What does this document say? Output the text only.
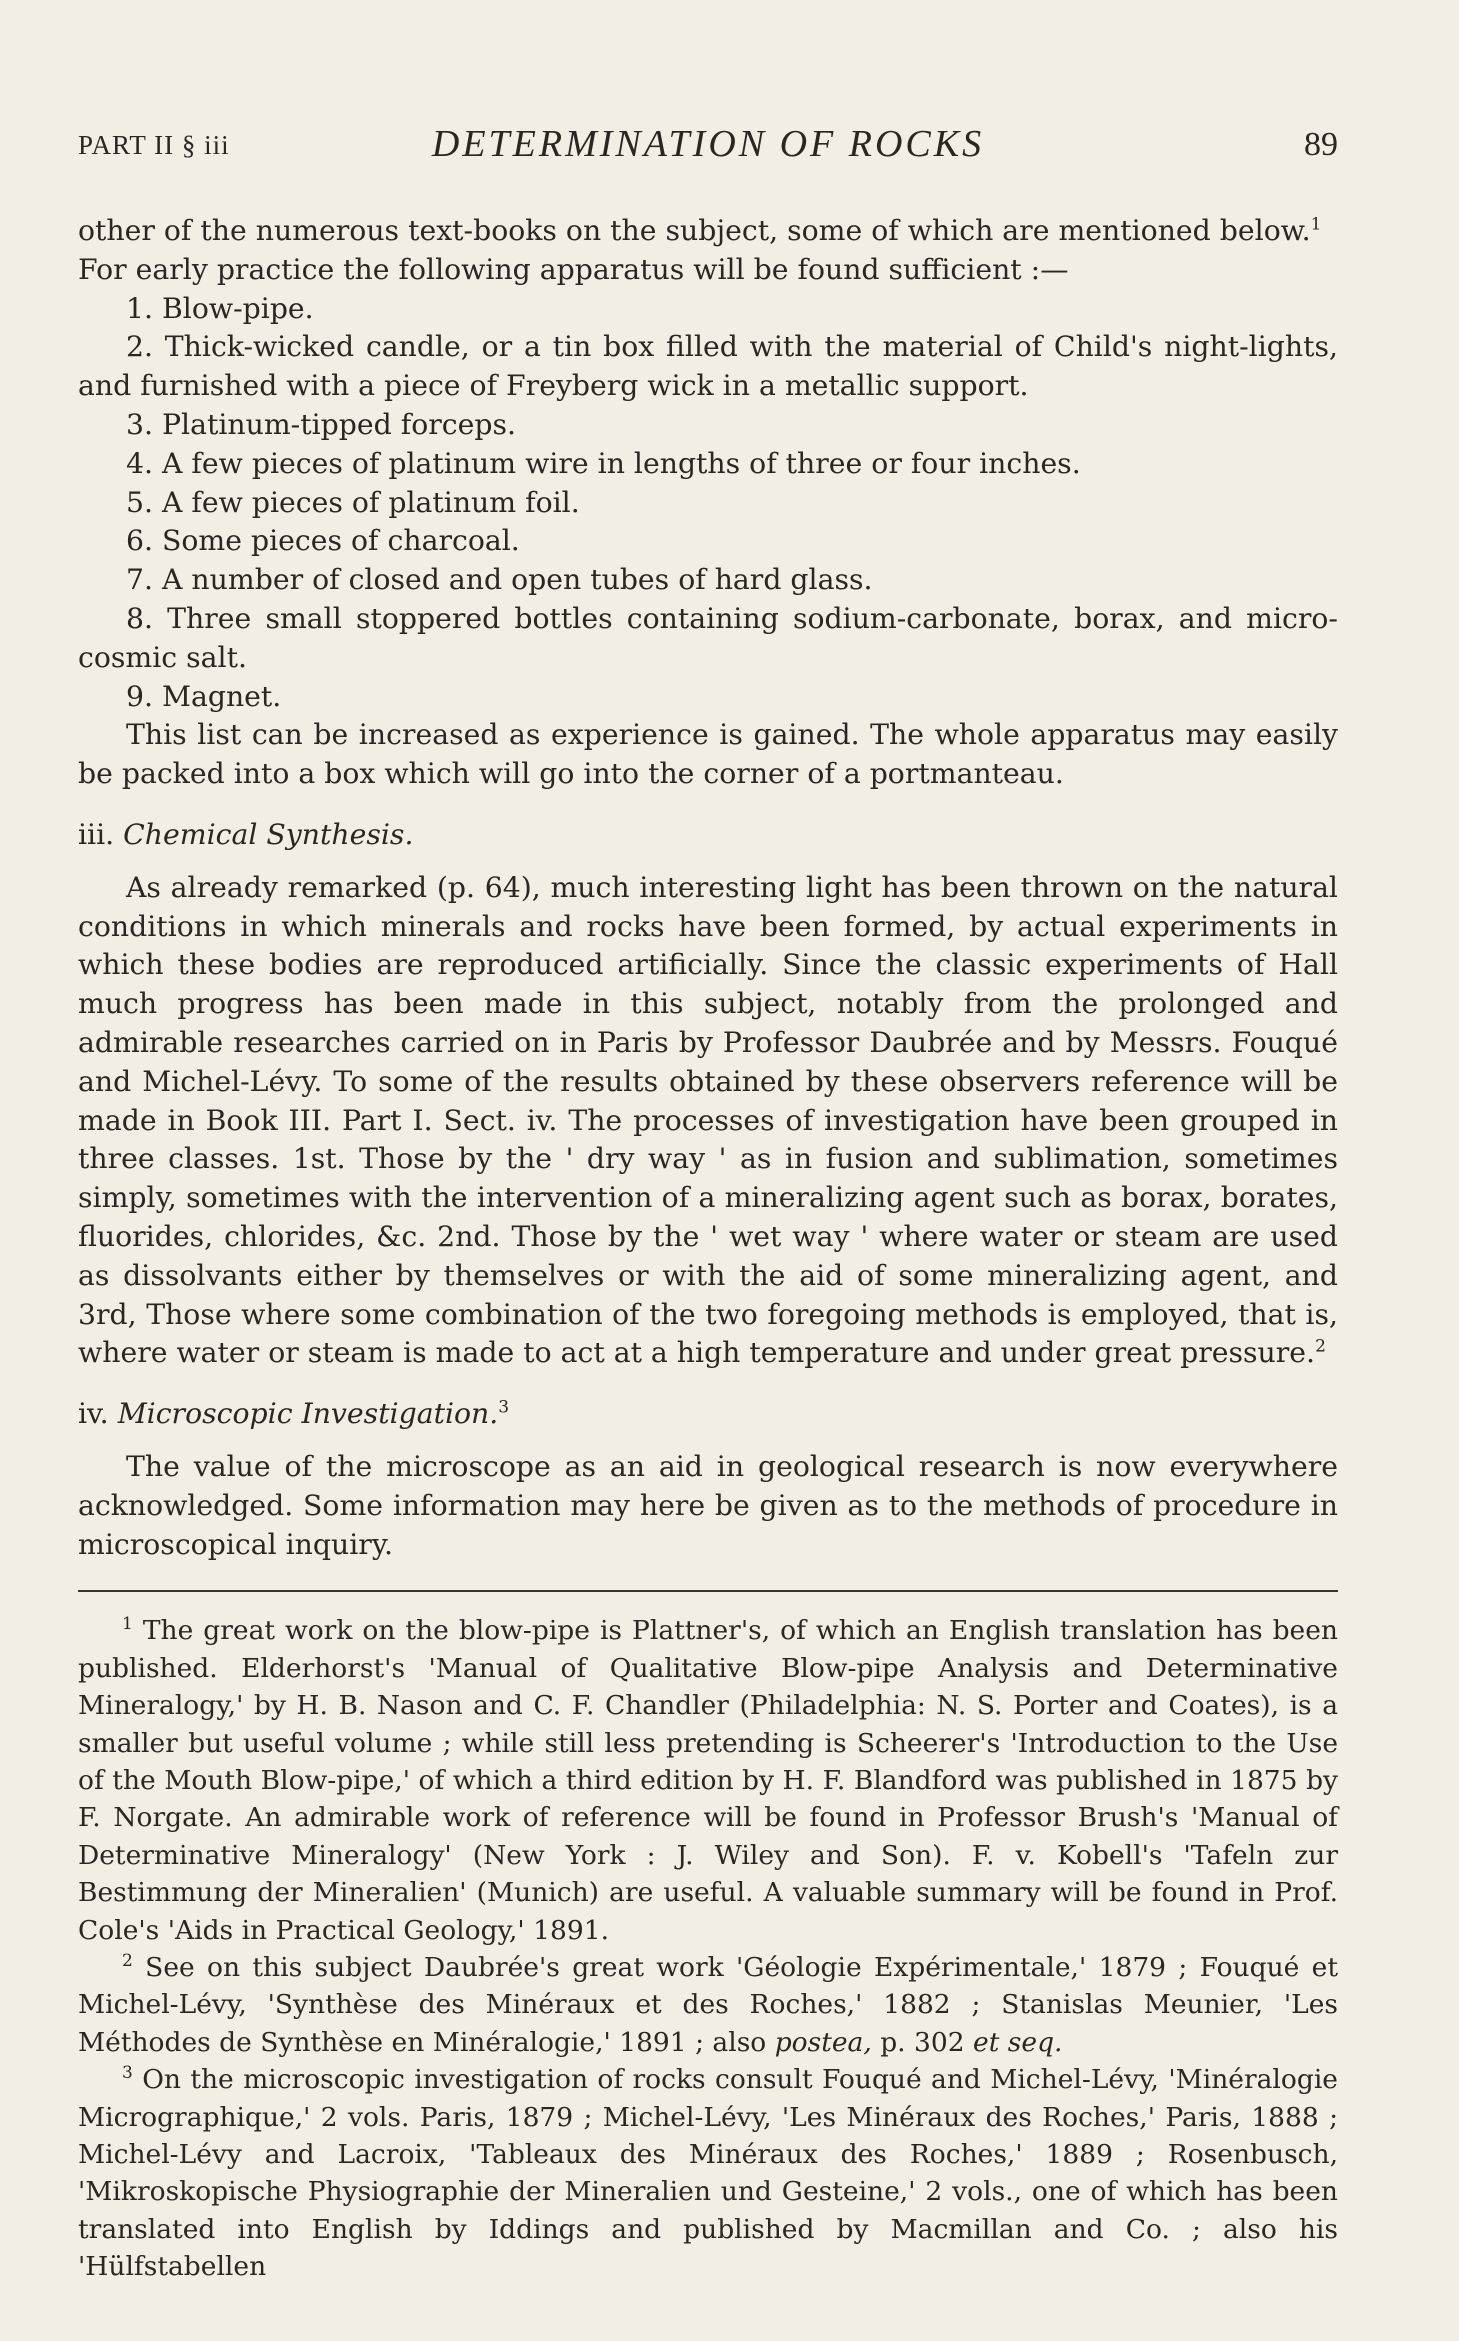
PART II § iii	DETERMINATION OF ROCKS	89

other of the numerous text-books on the subject, some of which are mentioned below.$^1$

For early practice the following apparatus will be found sufficient :—

1. Blow-pipe.

2. Thick-wicked candle, or a tin box filled with the material of Child's night-lights, and furnished with a piece of Freyberg wick in a metallic support.

3. Platinum-tipped forceps.

4. A few pieces of platinum wire in lengths of three or four inches.

5. A few pieces of platinum foil.

6. Some pieces of charcoal.

7. A number of closed and open tubes of hard glass.

8. Three small stoppered bottles containing sodium-carbonate, borax, and micro-cosmic salt.

9. Magnet.

This list can be increased as experience is gained. The whole apparatus may easily be packed into a box which will go into the corner of a portmanteau.

iii. Chemical Synthesis.

As already remarked (p. 64), much interesting light has been thrown on the natural conditions in which minerals and rocks have been formed, by actual experiments in which these bodies are reproduced artificially. Since the classic experiments of Hall much progress has been made in this subject, notably from the prolonged and admirable researches carried on in Paris by Professor Daubrée and by Messrs. Fouqué and Michel-Lévy. To some of the results obtained by these observers reference will be made in Book III. Part I. Sect. iv. The processes of investigation have been grouped in three classes. 1st. Those by the ' dry way ' as in fusion and sublimation, sometimes simply, sometimes with the intervention of a mineralizing agent such as borax, borates, fluorides, chlorides, &c. 2nd. Those by the ' wet way ' where water or steam are used as dissolvants either by themselves or with the aid of some mineralizing agent, and 3rd, Those where some combination of the two foregoing methods is employed, that is, where water or steam is made to act at a high temperature and under great pressure.$^2$

iv. Microscopic Investigation.$^3$

The value of the microscope as an aid in geological research is now everywhere acknowledged. Some information may here be given as to the methods of procedure in microscopical inquiry.

$^1$ The great work on the blow-pipe is Plattner's, of which an English translation has been published. Elderhorst's 'Manual of Qualitative Blow-pipe Analysis and Determinative Mineralogy,' by H. B. Nason and C. F. Chandler (Philadelphia: N. S. Porter and Coates), is a smaller but useful volume ; while still less pretending is Scheerer's 'Introduction to the Use of the Mouth Blow-pipe,' of which a third edition by H. F. Blandford was published in 1875 by F. Norgate. An admirable work of reference will be found in Professor Brush's 'Manual of Determinative Mineralogy' (New York : J. Wiley and Son). F. v. Kobell's 'Tafeln zur Bestimmung der Mineralien' (Munich) are useful. A valuable summary will be found in Prof. Cole's 'Aids in Practical Geology,' 1891.

$^2$ See on this subject Daubrée's great work 'Géologie Expérimentale,' 1879 ; Fouqué et Michel-Lévy, 'Synthèse des Minéraux et des Roches,' 1882 ; Stanislas Meunier, 'Les Méthodes de Synthèse en Minéralogie,' 1891 ; also postea, p. 302 et seq.

$^3$ On the microscopic investigation of rocks consult Fouqué and Michel-Lévy, 'Minéralogie Micrographique,' 2 vols. Paris, 1879 ; Michel-Lévy, 'Les Minéraux des Roches,' Paris, 1888 ; Michel-Lévy and Lacroix, 'Tableaux des Minéraux des Roches,' 1889 ; Rosenbusch, 'Mikroskopische Physiographie der Mineralien und Gesteine,' 2 vols., one of which has been translated into English by Iddings and published by Macmillan and Co. ; also his 'Hülfstabellen
